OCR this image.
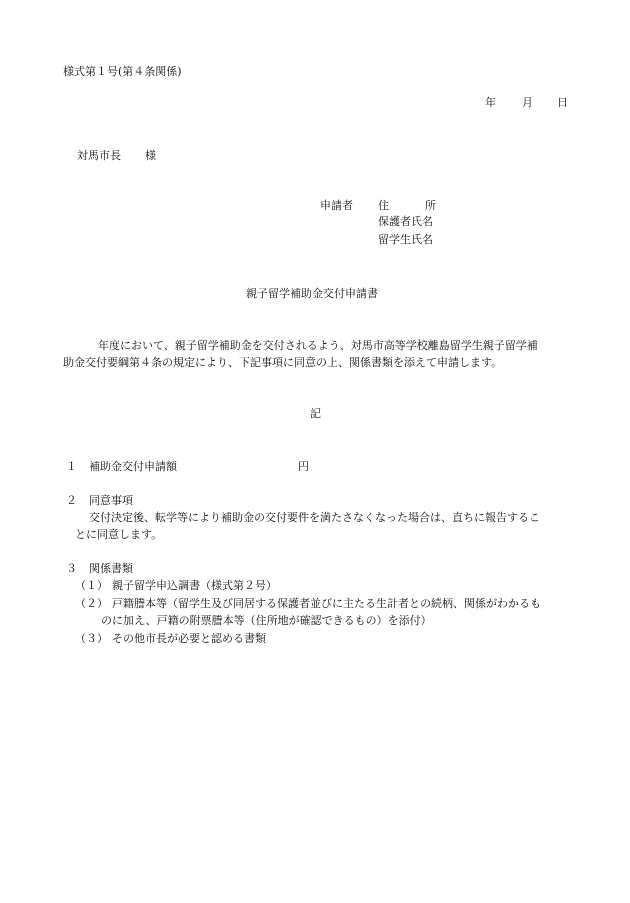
様式第１号(第４条関係)
年 月 日
対馬市長 様
申請者 住	所
保護者氏名
留学生氏名
親子留学補助金交付申請書
年度において、親子留学補助金を交付されるよう、対馬市高等学校離島留学生親子留学補
助金交付要綱第４条の規定により、下記事項に同意の上、関係書類を添えて申請します。
記
１ 補助金交付申請額	円
２ 同意事項
交付決定後、転学等により補助金の交付要件を満たさなくなった場合は、直ちに報告するこ
とに同意します。
３ 関係書類
（１） 親子留学申込調書（様式第２号）
（２） 戸籍謄本等（留学生及び同居する保護者並びに主たる生計者との続柄、関係がわかるも
のに加え、戸籍の附票謄本等（住所地が確認できるもの）を添付）
（３） その他市長が必要と認める書類
